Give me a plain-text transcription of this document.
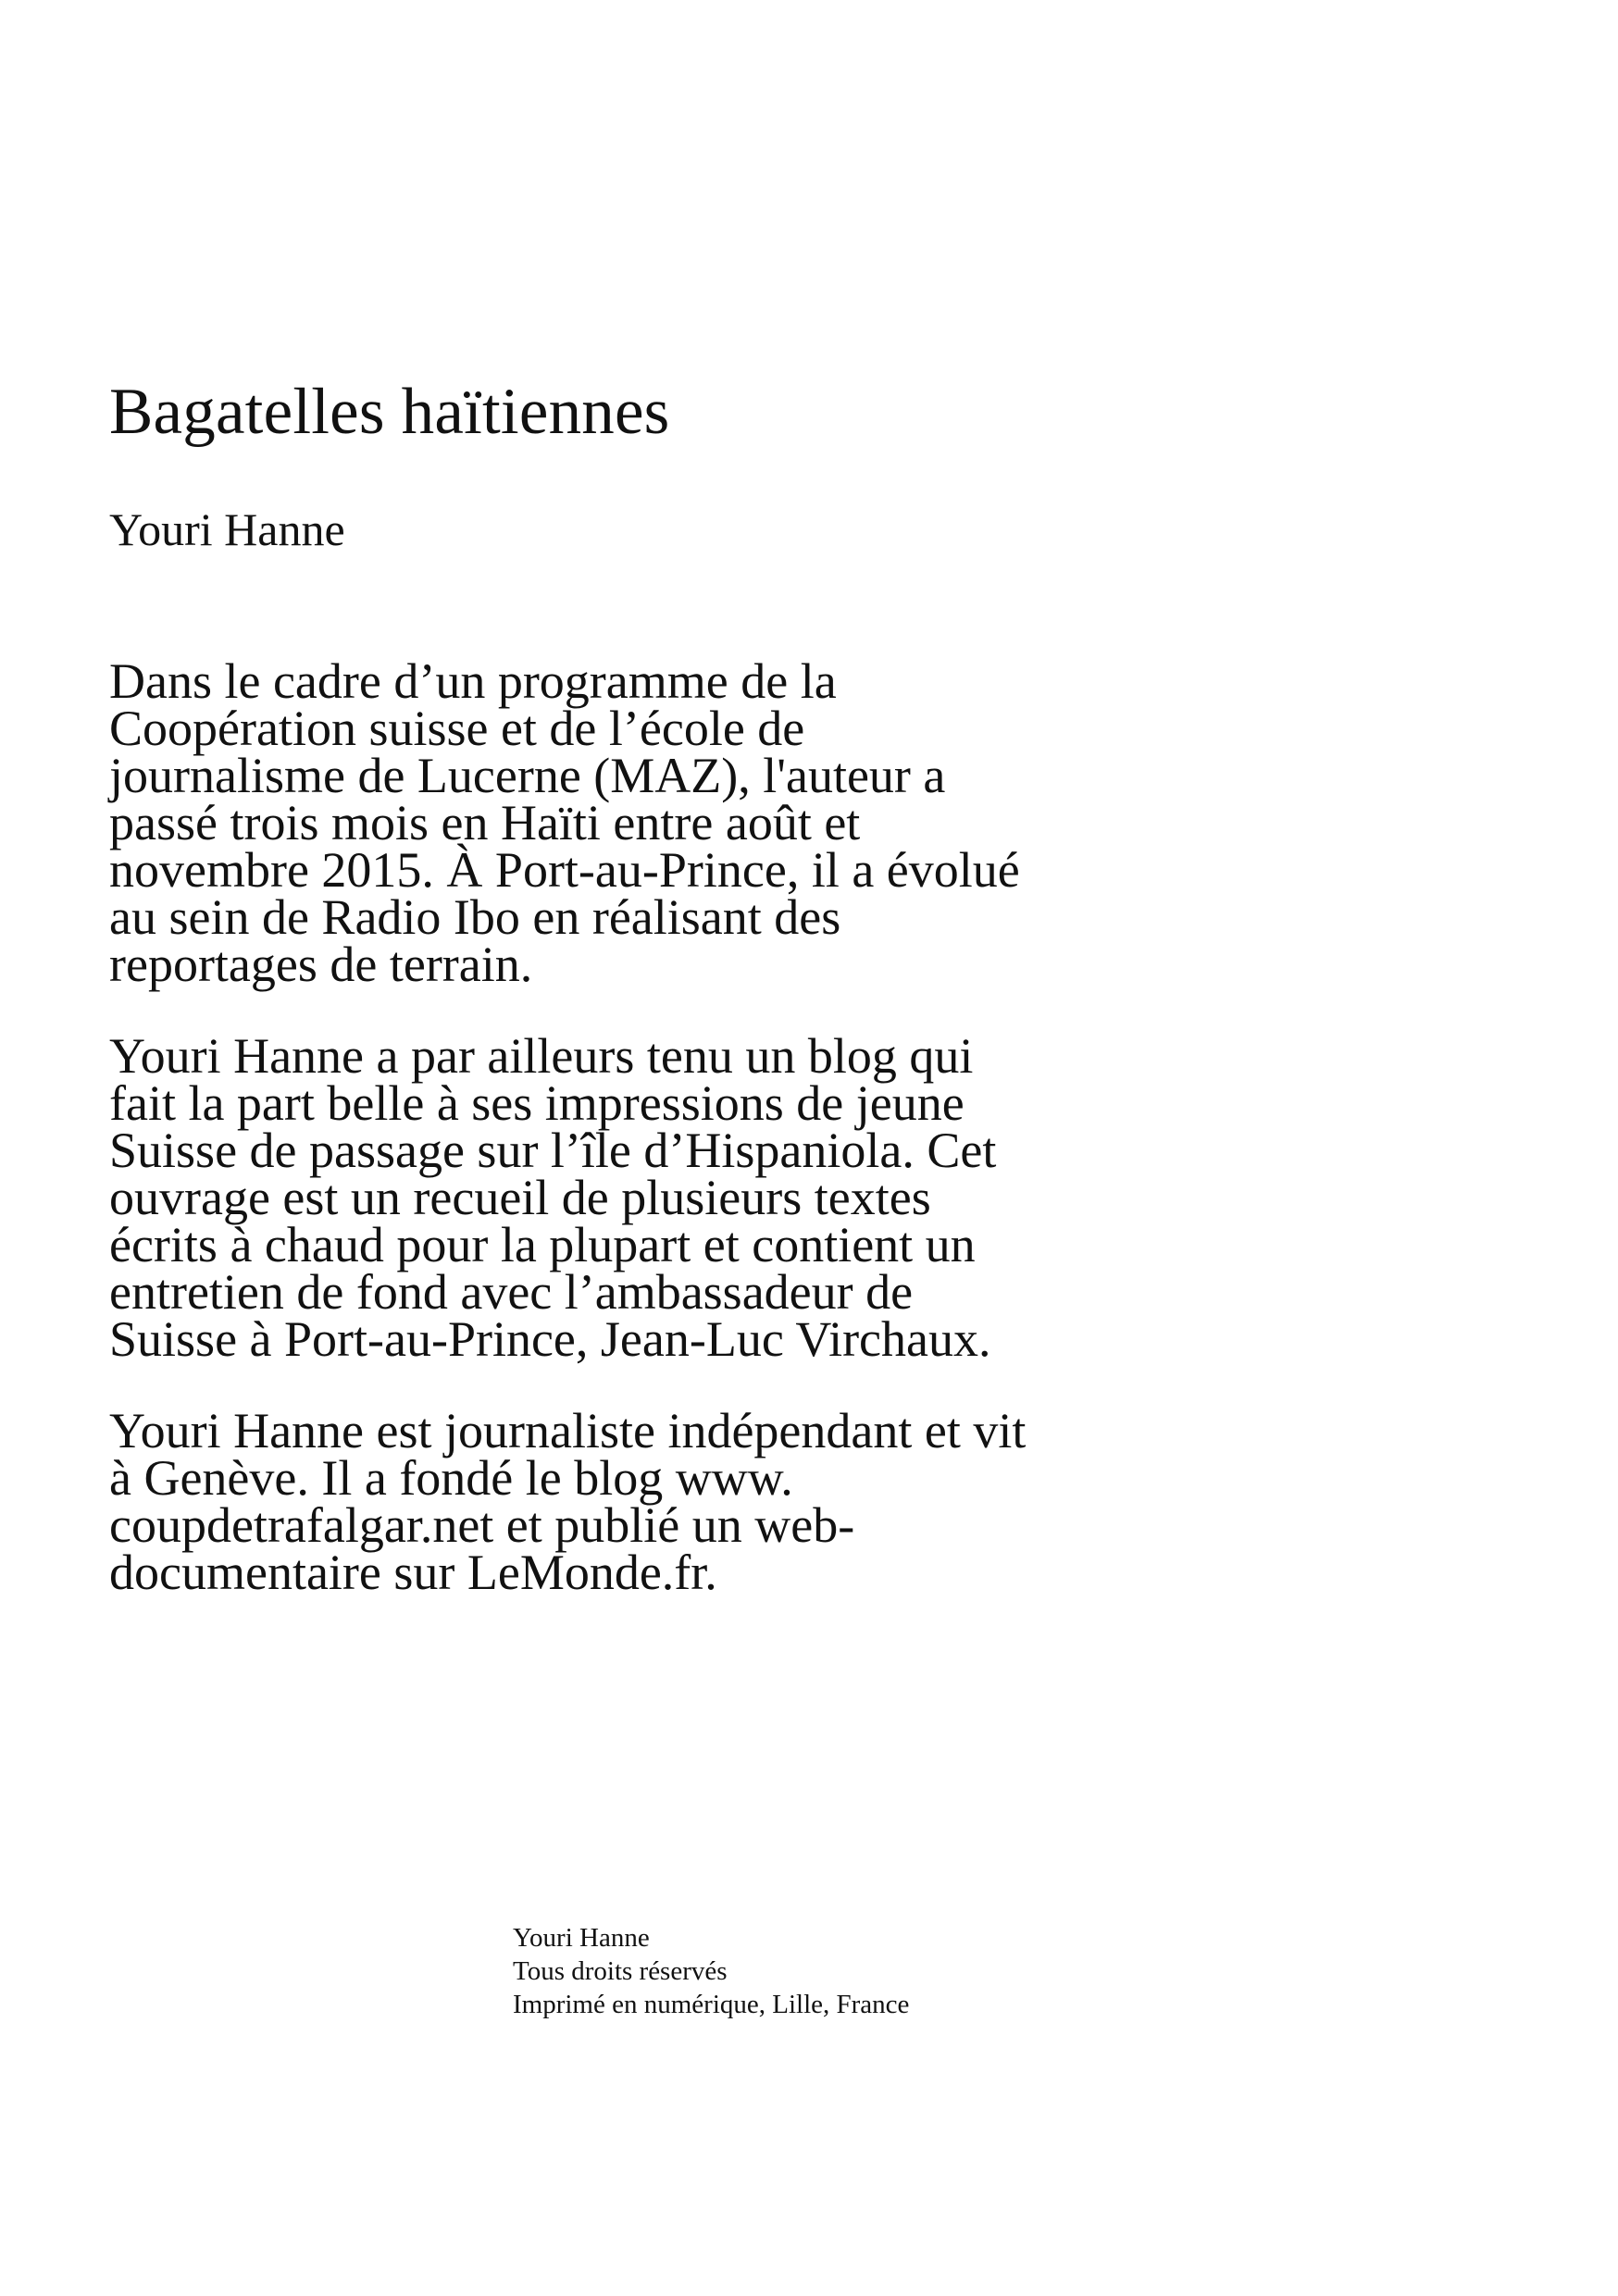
Bagatelles haïtiennes

Youri Hanne

Dans le cadre d’un programme de la
Coopération suisse et de l’école de
journalisme de Lucerne (MAZ), l'auteur a
passé trois mois en Haïti entre août et
novembre 2015. À Port-au-Prince, il a évolué
au sein de Radio Ibo en réalisant des
reportages de terrain.

Youri Hanne a par ailleurs tenu un blog qui
fait la part belle à ses impressions de jeune
Suisse de passage sur l’île d’Hispaniola. Cet
ouvrage est un recueil de plusieurs textes
écrits à chaud pour la plupart et contient un
entretien de fond avec l’ambassadeur de
Suisse à Port-au-Prince, Jean-Luc Virchaux.

Youri Hanne est journaliste indépendant et vit
à Genève. Il a fondé le blog www.
coupdetrafalgar.net et publié un web-
documentaire sur LeMonde.fr.

Youri Hanne
Tous droits réservés
Imprimé en numérique, Lille, France
